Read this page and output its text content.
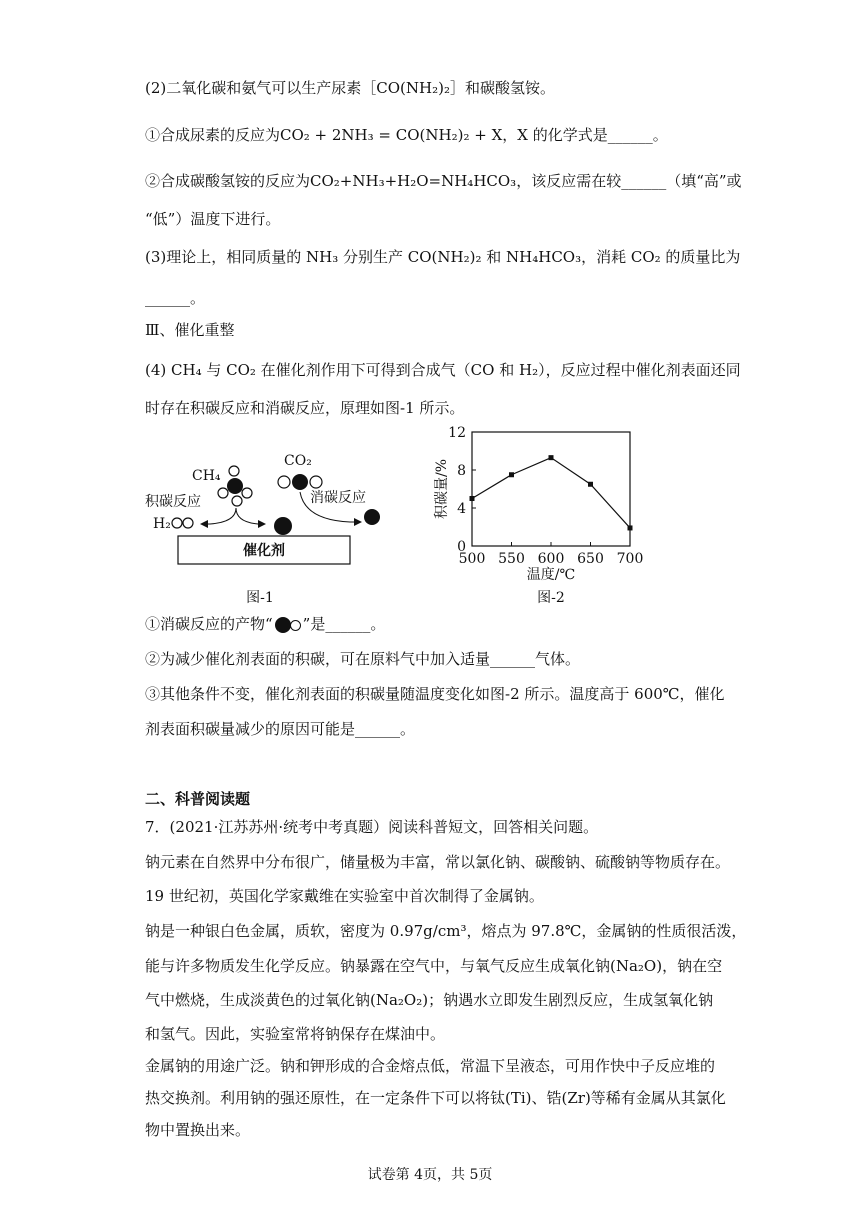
(2)二氧化碳和氨气可以生产尿素［CO(NH₂)₂］和碳酸氢铵。
①合成尿素的反应为CO₂ + 2NH₃ = CO(NH₂)₂ + X，X 的化学式是______。
②合成碳酸氢铵的反应为CO₂+NH₃+H₂O=NH₄HCO₃，该反应需在较______（填“高”或
“低”）温度下进行。
(3)理论上，相同质量的 NH₃ 分别生产 CO(NH₂)₂ 和 NH₄HCO₃，消耗 CO₂ 的质量比为
______。
Ⅲ、催化重整
(4) CH₄ 与 CO₂ 在催化剂作用下可得到合成气（CO 和 H₂），反应过程中催化剂表面还同
时存在积碳反应和消碳反应，原理如图-1 所示。
CH₄
CO₂
积碳反应	消碳反应
H₂
催化剂
图-1
0
4
8
12
500 550 600 650 700
温度/℃
积碳量/%
图-2
①消碳反应的产物“ ”是______。
②为减少催化剂表面的积碳，可在原料气中加入适量______气体。
③其他条件不变，催化剂表面的积碳量随温度变化如图-2 所示。温度高于 600℃，催化
剂表面积碳量减少的原因可能是______。
二、科普阅读题
7．(2021·江苏苏州·统考中考真题）阅读科普短文，回答相关问题。
钠元素在自然界中分布很广，储量极为丰富，常以氯化钠、碳酸钠、硫酸钠等物质存在。
19 世纪初，英国化学家戴维在实验室中首次制得了金属钠。
钠是一种银白色金属，质软，密度为 0.97g/cm³，熔点为 97.8℃，金属钠的性质很活泼，
能与许多物质发生化学反应。钠暴露在空气中，与氧气反应生成氧化钠(Na₂O)，钠在空
气中燃烧，生成淡黄色的过氧化钠(Na₂O₂)；钠遇水立即发生剧烈反应，生成氢氧化钠
和氢气。因此，实验室常将钠保存在煤油中。
金属钠的用途广泛。钠和钾形成的合金熔点低，常温下呈液态，可用作快中子反应堆的
热交换剂。利用钠的强还原性，在一定条件下可以将钛(Ti)、锆(Zr)等稀有金属从其氯化
物中置换出来。
试卷第 4页，共 5页
